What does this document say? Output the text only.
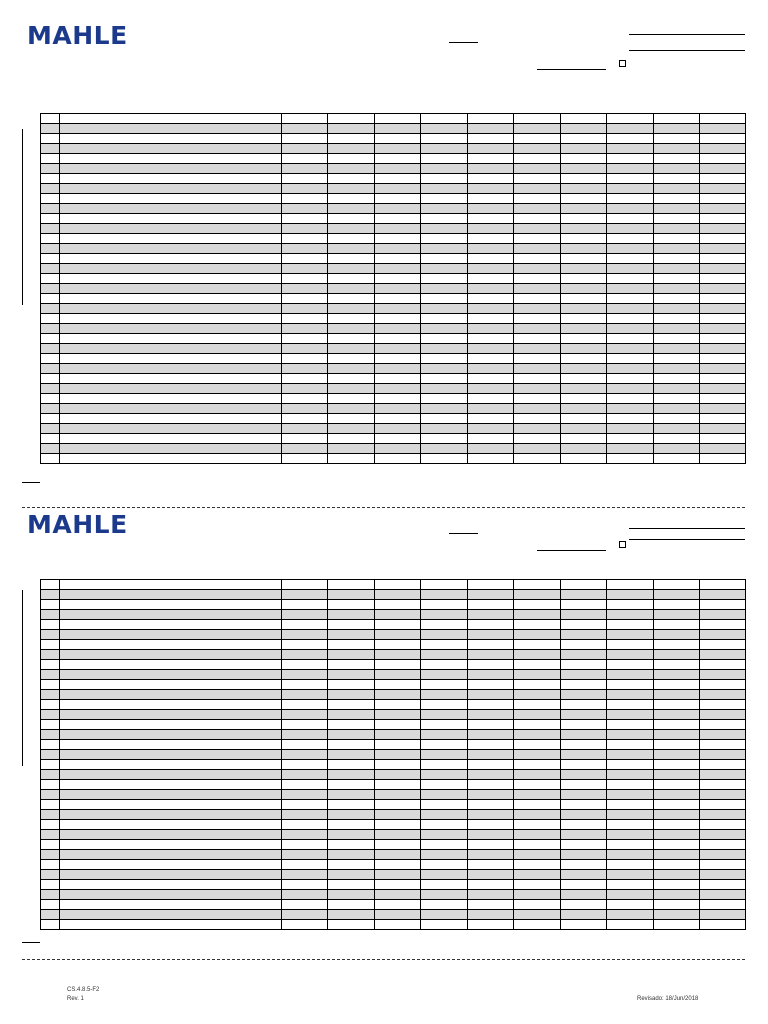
MAHLE

MAHLE

CS.4.8.5-F2
Rev. 1	Revisado: 18/Jun/2018
